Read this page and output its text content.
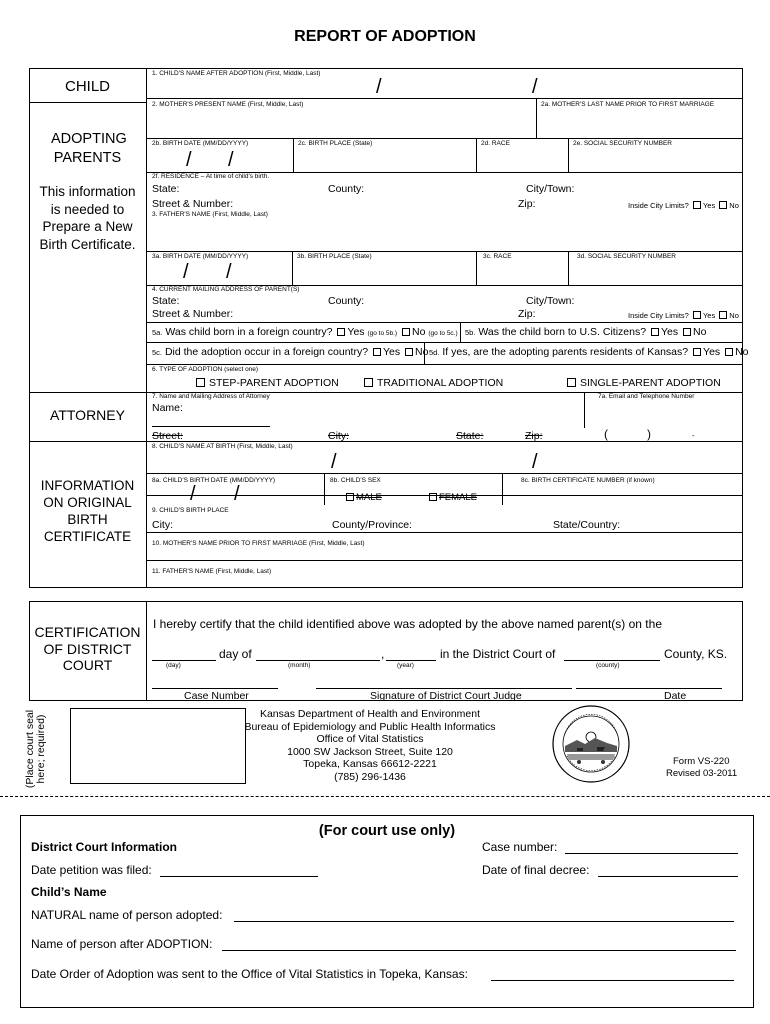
REPORT OF ADOPTION
CHILD
ADOPTING PARENTS
This information is needed to Prepare a New Birth Certificate.
ATTORNEY
INFORMATION ON ORIGINAL BIRTH CERTIFICATE
1. CHILD'S NAME AFTER ADOPTION (First, Middle, Last)
/	/
2. MOTHER'S PRESENT NAME (First, Middle, Last)	2a. MOTHER'S LAST NAME PRIOR TO FIRST MARRIAGE
2b. BIRTH DATE (MM/DD/YYYY)
/ /
2c. BIRTH PLACE (State)	2d. RACE	2e. SOCIAL SECURITY NUMBER
2f. RESIDENCE – At time of child's birth.
State:	County:	City/Town:
Street & Number:	Zip:	Inside City Limits? Yes No
3. FATHER'S NAME (First, Middle, Last)
3a. BIRTH DATE (MM/DD/YYYY)
/ /
3b. BIRTH PLACE (State)	3c. RACE	3d. SOCIAL SECURITY NUMBER
4. CURRENT MAILING ADDRESS OF PARENT(S)
State:	County:	City/Town:
Street & Number:	Zip:	Inside City Limits? Yes No
5a. Was child born in a foreign country? Yes (go to 5b.) No (go to 5c.) 5b. Was the child born to U.S. Citizens? Yes No
5c. Did the adoption occur in a foreign country? Yes No 5d. If yes, are the adopting parents residents of Kansas? Yes No
6. TYPE OF ADOPTION (select one)
STEP-PARENT ADOPTION	TRADITIONAL ADOPTION	SINGLE-PARENT ADOPTION
7. Name and Mailing Address of Attorney	7a. Email and Telephone Number
Name:
Street:	City:	State:	Zip:	(	)	-
8. CHILD'S NAME AT BIRTH (First, Middle, Last)
/	/
8a. CHILD'S BIRTH DATE (MM/DD/YYYY)
/ /
8b. CHILD'S SEX
MALE	FEMALE
8c. BIRTH CERTIFICATE NUMBER (if known)
9. CHILD'S BIRTH PLACE
City:	County/Province:	State/Country:
10. MOTHER'S NAME PRIOR TO FIRST MARRIAGE (First, Middle, Last)
11. FATHER'S NAME (First, Middle, Last)
CERTIFICATION OF DISTRICT COURT
I hereby certify that the child identified above was adopted by the above named parent(s) on the
day of	,	in the District Court of	County, KS.
(day)	(month)	(year)	(county)
Case Number	Signature of District Court Judge	Date
(Place court seal here; required)
Kansas Department of Health and Environment
Bureau of Epidemiology and Public Health Informatics
Office of Vital Statistics
1000 SW Jackson Street, Suite 120
Topeka, Kansas 66612-2221
(785) 296-1436
Form VS-220
Revised 03-2011
(For court use only)
District Court Information	Case number:
Date petition was filed:	Date of final decree:
Child’s Name
NATURAL name of person adopted:
Name of person after ADOPTION:
Date Order of Adoption was sent to the Office of Vital Statistics in Topeka, Kansas:
